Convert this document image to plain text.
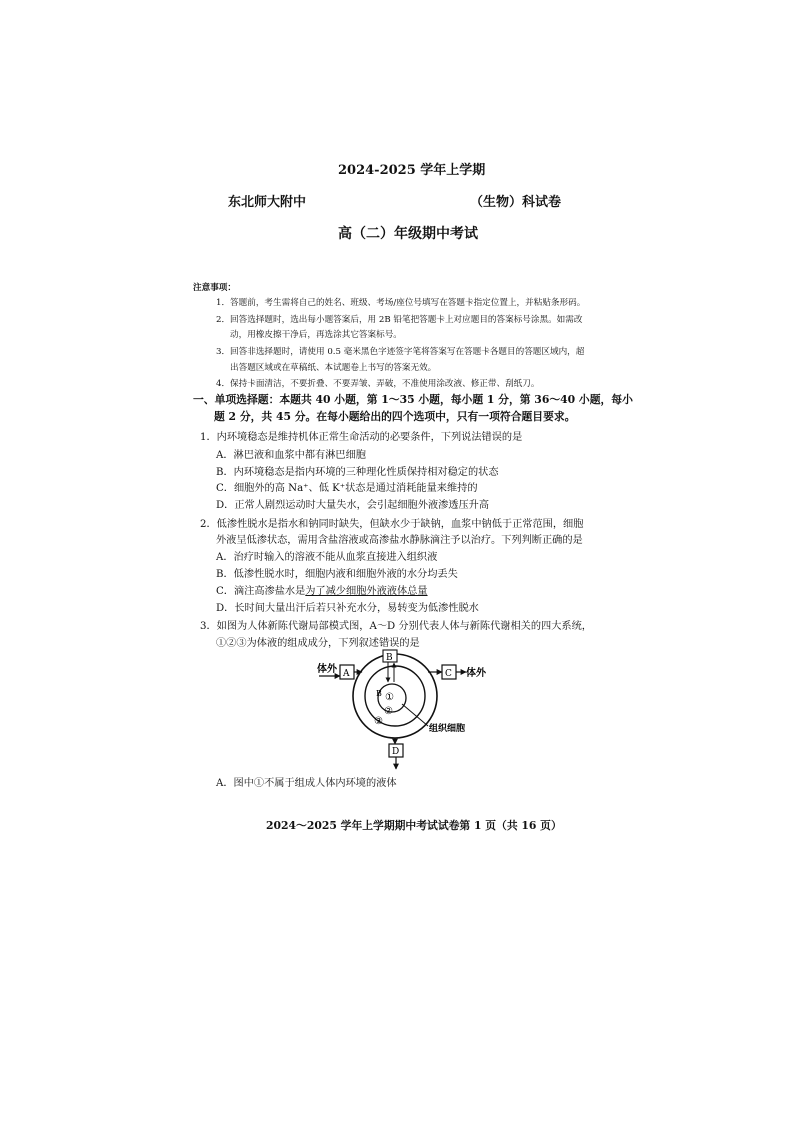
2024-2025 学年上学期
东北师大附中	（生物）科试卷
高（二）年级期中考试
注意事项：
1．答题前，考生需将自己的姓名、班级、考场/座位号填写在答题卡指定位置上，并粘贴条形码。
2．回答选择题时，选出每小题答案后，用 2B 铅笔把答题卡上对应题目的答案标号涂黑。如需改
动，用橡皮擦干净后，再选涂其它答案标号。
3．回答非选择题时，请使用 0.5 毫米黑色字迹签字笔将答案写在答题卡各题目的答题区域内，超
出答题区域或在草稿纸、本试题卷上书写的答案无效。
4．保持卡面清洁，不要折叠、不要弄皱、弄破，不准使用涂改液、修正带、刮纸刀。
一、单项选择题：本题共 40 小题，第 1～35 小题，每小题 1 分，第 36～40 小题，每小
题 2 分，共 45 分。在每小题给出的四个选项中，只有一项符合题目要求。
1．内环境稳态是维持机体正常生命活动的必要条件，下列说法错误的是
A．淋巴液和血浆中都有淋巴细胞
B．内环境稳态是指内环境的三种理化性质保持相对稳定的状态
C．细胞外的高 Na⁺、低 K⁺状态是通过消耗能量来维持的
D．正常人剧烈运动时大量失水，会引起细胞外液渗透压升高
2．低渗性脱水是指水和钠同时缺失，但缺水少于缺钠，血浆中钠低于正常范围，细胞
外液呈低渗状态，需用含盐溶液或高渗盐水静脉滴注予以治疗。下列判断正确的是
A．治疗时输入的溶液不能从血浆直接进入组织液
B．低渗性脱水时，细胞内液和细胞外液的水分均丢失
C．滴注高渗盐水是为了减少细胞外液液体总量
D．长时间大量出汗后若只补充水分，易转变为低渗性脱水
3．如图为人体新陈代谢局部模式图，A～D 分别代表人体与新陈代谢相关的四大系统，
①②③为体液的组成成分，下列叙述错误的是
体外 A	C 体外
B
B ①
②
③
组织细胞
D
A．图中①不属于组成人体内环境的液体
2024～2025 学年上学期期中考试试卷第 1 页（共 16 页）
